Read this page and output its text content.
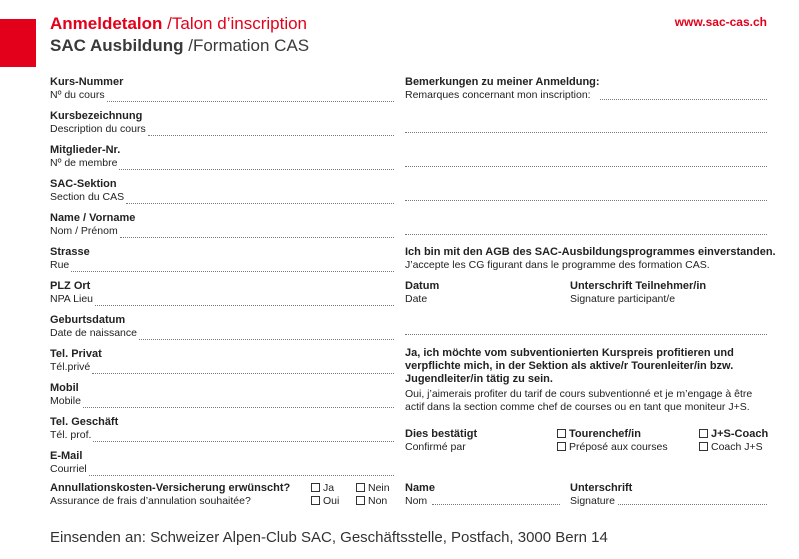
Anmeldetalon /Talon d’inscription
SAC Ausbildung /Formation CAS
www.sac-cas.ch
Kurs-Nummer
Nº du cours
Kursbezeichnung
Description du cours
Mitglieder-Nr.
Nº de membre
SAC-Sektion
Section du CAS
Name / Vorname
Nom / Prénom
Strasse
Rue
PLZ Ort
NPA Lieu
Geburtsdatum
Date de naissance
Tel. Privat
Tél.privé
Mobil
Mobile
Tel. Geschäft
Tél. prof.
E-Mail
Courriel
Annullationskosten-Versicherung erwünscht?
Assurance de frais d’annulation souhaitée?
Ja	Nein
Oui	Non
Bemerkungen zu meiner Anmeldung:
Remarques concernant mon inscription:
Ich bin mit den AGB des SAC-Ausbildungsprogrammes einverstanden.
J’accepte les CG figurant dans le programme des formation CAS.
Datum
Date
Unterschrift Teilnehmer/in
Signature participant/e
Ja, ich möchte vom subventionierten Kurspreis profitieren und
verpflichte mich, in der Sektion als aktive/r Tourenleiter/in bzw.
Jugendleiter/in tätig zu sein.
Oui, j’aimerais profiter du tarif de cours subventionné et je m’engage à être
actif dans la section comme chef de courses ou en tant que moniteur J+S.
Dies bestätigt
Confirmé par
Tourenchef/in
Préposé aux courses
J+S-Coach
Coach J+S
Name
Nom
Unterschrift
Signature
Einsenden an: Schweizer Alpen-Club SAC, Geschäftsstelle, Postfach, 3000 Bern 14
